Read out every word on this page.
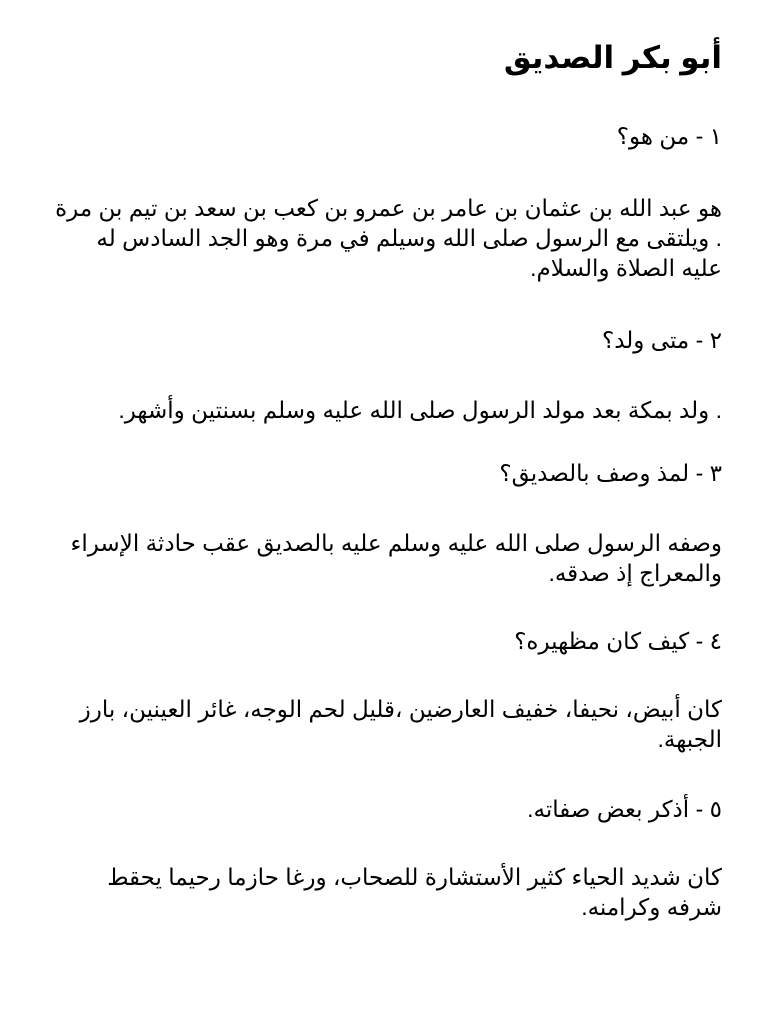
أبو بكر الصديق

١ - من هو؟

هو عبد الله بن عثمان بن عامر بن عمرو بن كعب بن سعد بن تيم بن مرة . ويلتقى مع الرسول صلى الله وسيلم في مرة وهو الجد السادس له عليه الصلاة والسلام.

٢ - متى ولد؟

. ولد بمكة بعد مولد الرسول صلى الله عليه وسلم بسنتين وأشهر.

٣ - لمذ وصف بالصديق؟

وصفه الرسول صلى الله عليه وسلم عليه بالصديق عقب حادثة الإسراء والمعراج إذ صدقه.

٤ - كيف كان مظهيره؟

كان أبيض، نحيفا، خفيف العارضين ،قليل لحم الوجه، غائر العينين، بارز الجبهة.

٥ - أذكر بعض صفاته.

كان شديد الحياء كثير الأستشارة للصحاب، ورغا حازما رحيما يحقط شرفه وكرامنه.
